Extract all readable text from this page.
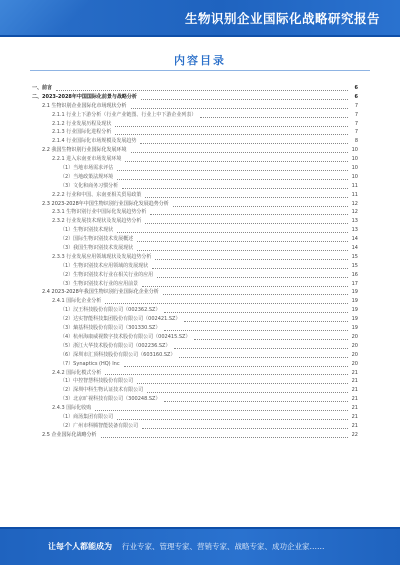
生物识别企业国际化战略研究报告
内容目录
一、前言	6
二、2023-2028年中国国际化前景与战略分析	6
2.1 生物识别企业国际化市场现状分析	7
2.1.1 行业上下游分析（行业产业链图、行业上中下游企业列表）	7
2.1.2 行业发展历程及现状	7
2.1.3 行业国际化进程分析	7
2.1.4 行业国际化市场规模及发展趋势	8
2.2 我国生物识别行业国际化发展环境	10
2.2.1 进入东南亚市场发展环境	10
（1）当地市场需求评估	10
（2）当地政策法规环境	10
（3）文化和商务习惯分析	11
2.2.2 行业和中国、东南亚相关贸易政策	11
2.3 2023-2028年中国生物识别行业国际化发展趋势分析	12
2.3.1 生物识别行业中国际化发展趋势分析	12
2.3.2 行业发展技术现状及发展趋势分析	13
（1）生物识别技术现状	13
（2）国际生物识别技术发展概述	14
（3）我国生物识别技术发展现状	14
2.3.3 行业发展应用领域现状及发展趋势分析	15
（1）生物识别技术应用领域的发展现状	15
（2）生物识别技术行业在相关行业的应用	16
（3）生物识别技术行业的应用前景	17
2.4 2023-2028年我国生物识别行业国际化企业分析	19
2.4.1 国际化企业分析	19
（1）汉王科技股份有限公司（002362.SZ）	19
（2）达实智能科技集团股份有限公司（002421.SZ）	19
（3）熵基科技股份有限公司（301330.SZ）	19
（4）杭州海康威视数字技术股份有限公司（002415.SZ）	20
（5）浙江大华技术股份有限公司（002236.SZ）	20
（6）深圳市汇顶科技股份有限公司（603160.SZ）	20
（7）Synaptics (HQ) Inc	20
2.4.2 国际化模式分析	21
（1）中控智慧科技股份有限公司	21
（2）深圳中科生物认证技术有限公司	21
（3）北京旷视科技有限公司（300248.SZ）	21
2.4.3 国际化收购	21
（1）商汤集团有限公司	21
（2）广州市科腾智能装备有限公司	21
2.5 企业国际化战略分析	22
让每个人都能成为 行业专家、管理专家、营销专家、战略专家、成功企业家……
